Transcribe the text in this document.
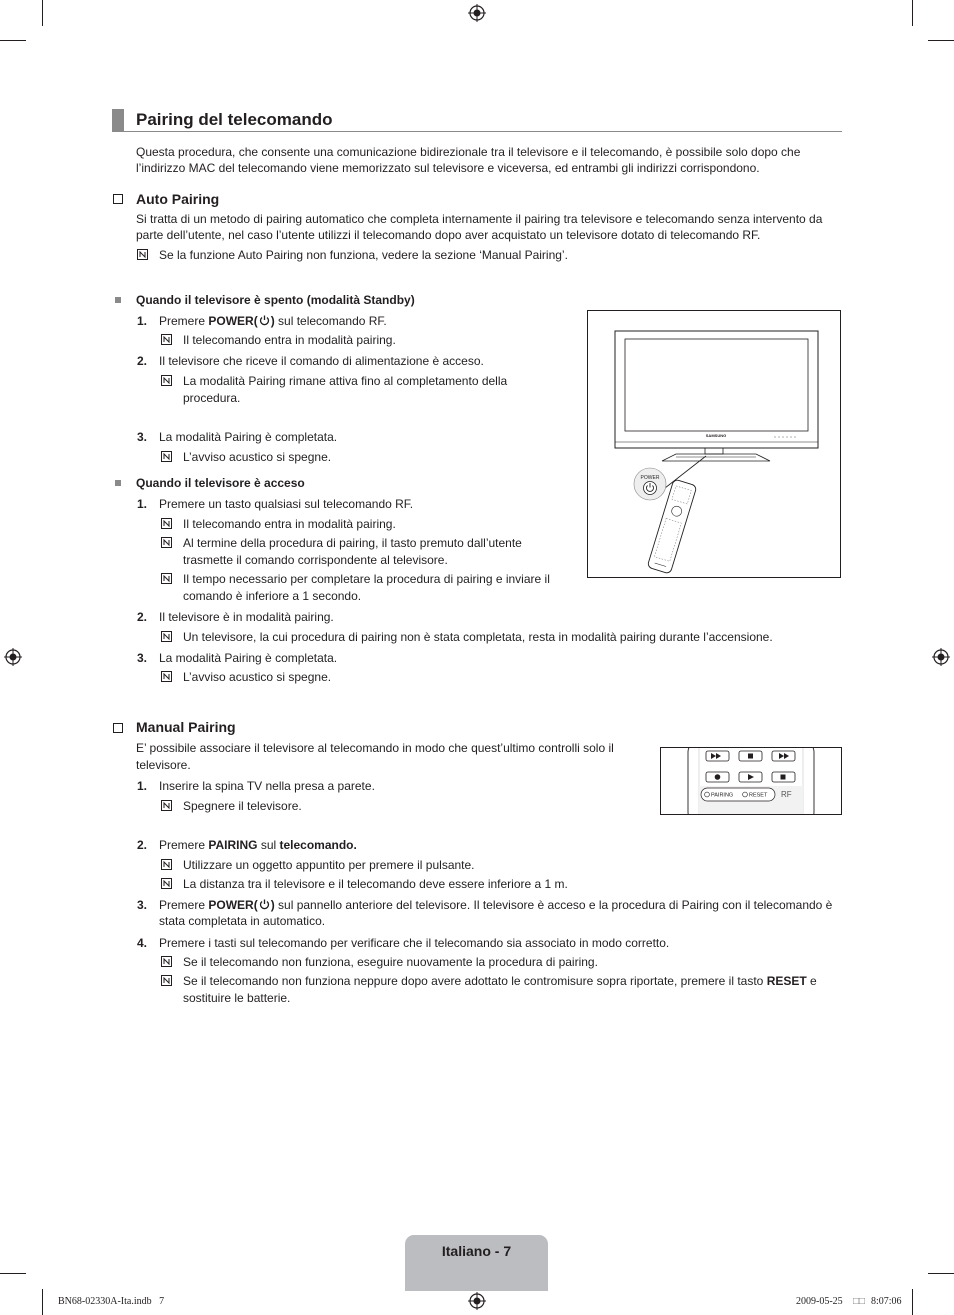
Pairing del telecomando
Questa procedura, che consente una comunicazione bidirezionale tra il televisore e il telecomando, è possibile solo dopo che l’indirizzo MAC del telecomando viene memorizzato sul televisore e viceversa, ed entrambi gli indirizzi corrispondono.
Auto Pairing
Si tratta di un metodo di pairing automatico che completa internamente il pairing tra televisore e telecomando senza intervento da parte dell’utente, nel caso l’utente utilizzi il telecomando dopo aver acquistato un televisore dotato di telecomando RF.
Se la funzione Auto Pairing non funziona, vedere la sezione ‘Manual Pairing’.
Quando il televisore è spento (modalità Standby)
1. Premere POWER( ) sul telecomando RF.
Il telecomando entra in modalità pairing.
2. Il televisore che riceve il comando di alimentazione è acceso.
La modalità Pairing rimane attiva fino al completamento della procedura.
3. La modalità Pairing è completata.
L’avviso acustico si spegne.
Quando il televisore è acceso
1. Premere un tasto qualsiasi sul telecomando RF.
Il telecomando entra in modalità pairing.
Al termine della procedura di pairing, il tasto premuto dall’utente trasmette il comando corrispondente al televisore.
Il tempo necessario per completare la procedura di pairing e inviare il comando è inferiore a 1 secondo.
2. Il televisore è in modalità pairing.
Un televisore, la cui procedura di pairing non è stata completata, resta in modalità pairing durante l’accensione.
3. La modalità Pairing è completata.
L’avviso acustico si spegne.
SAMSUNG
POWER
Manual Pairing
E’ possibile associare il televisore al telecomando in modo che quest’ultimo controlli solo il televisore.
1. Inserire la spina TV nella presa a parete.
Spegnere il televisore.
2. Premere PAIRING sul telecomando.
Utilizzare un oggetto appuntito per premere il pulsante.
La distanza tra il televisore e il telecomando deve essere inferiore a 1 m.
3. Premere POWER( ) sul pannello anteriore del televisore. Il televisore è acceso e la procedura di Pairing con il telecomando è stata completata in automatico.
4. Premere i tasti sul telecomando per verificare che il telecomando sia associato in modo corretto.
Se il telecomando non funziona, eseguire nuovamente la procedura di pairing.
Se il telecomando non funziona neppure dopo avere adottato le contromisure sopra riportate, premere il tasto RESET e sostituire le batterie.
PAIRING	RESET RF
Italiano - 7
BN68-02330A-Ita.indb   7	2009-05-25 □□ 8:07:06
